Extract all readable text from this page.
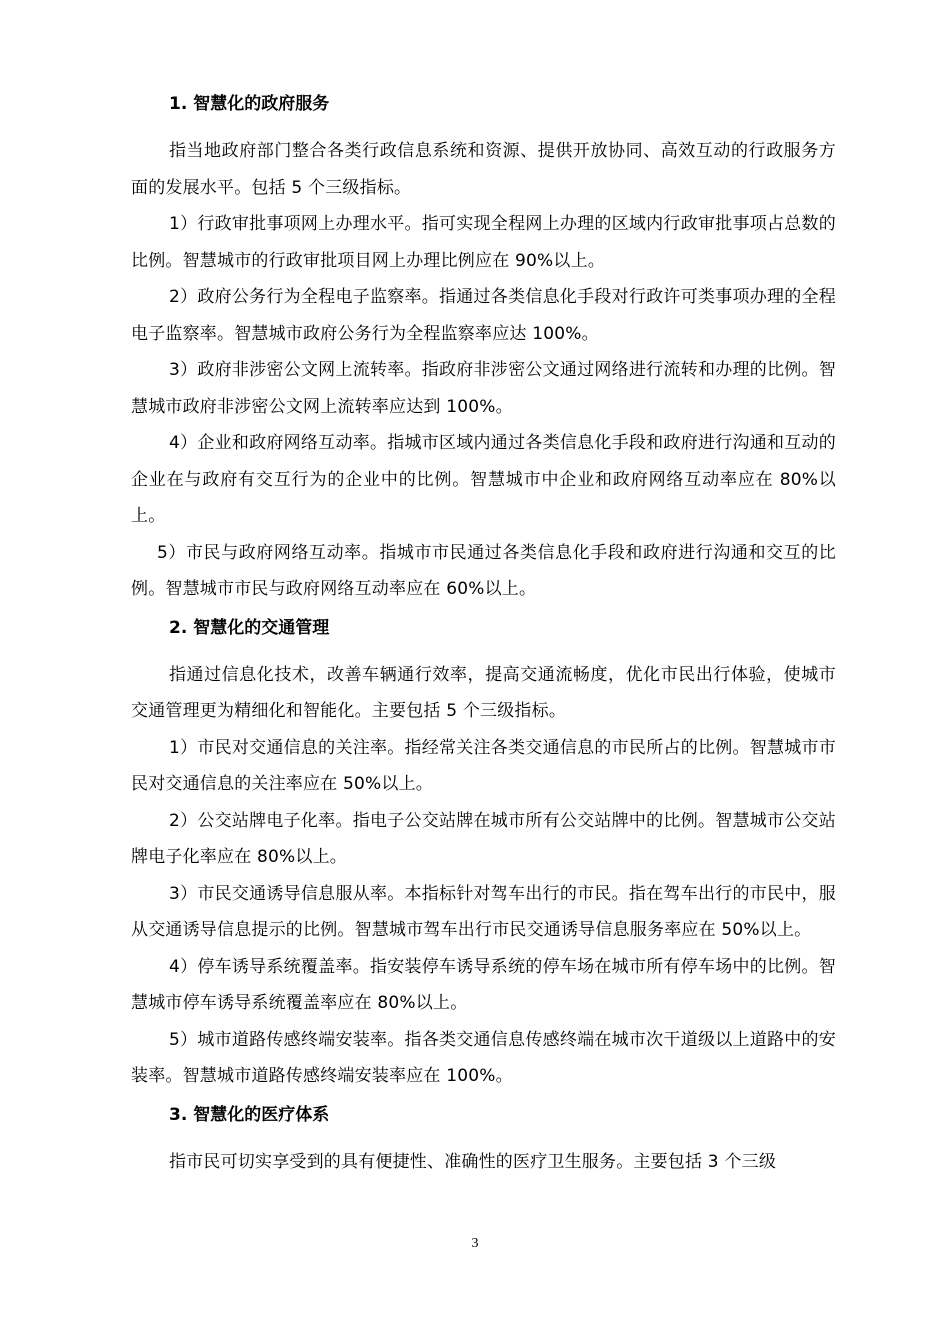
1. 智慧化的政府服务

指当地政府部门整合各类行政信息系统和资源、提供开放协同、高效互动的行政服务方面的发展水平。包括 5 个三级指标。

1）行政审批事项网上办理水平。指可实现全程网上办理的区域内行政审批事项占总数的比例。智慧城市的行政审批项目网上办理比例应在 90%以上。

2）政府公务行为全程电子监察率。指通过各类信息化手段对行政许可类事项办理的全程电子监察率。智慧城市政府公务行为全程监察率应达 100%。

3）政府非涉密公文网上流转率。指政府非涉密公文通过网络进行流转和办理的比例。智慧城市政府非涉密公文网上流转率应达到 100%。

4）企业和政府网络互动率。指城市区域内通过各类信息化手段和政府进行沟通和互动的企业在与政府有交互行为的企业中的比例。智慧城市中企业和政府网络互动率应在 80%以上。

5）市民与政府网络互动率。指城市市民通过各类信息化手段和政府进行沟通和交互的比例。智慧城市市民与政府网络互动率应在 60%以上。

2. 智慧化的交通管理

指通过信息化技术，改善车辆通行效率，提高交通流畅度，优化市民出行体验，使城市交通管理更为精细化和智能化。主要包括 5 个三级指标。

1）市民对交通信息的关注率。指经常关注各类交通信息的市民所占的比例。智慧城市市民对交通信息的关注率应在 50%以上。

2）公交站牌电子化率。指电子公交站牌在城市所有公交站牌中的比例。智慧城市公交站牌电子化率应在 80%以上。

3）市民交通诱导信息服从率。本指标针对驾车出行的市民。指在驾车出行的市民中，服从交通诱导信息提示的比例。智慧城市驾车出行市民交通诱导信息服务率应在 50%以上。

4）停车诱导系统覆盖率。指安装停车诱导系统的停车场在城市所有停车场中的比例。智慧城市停车诱导系统覆盖率应在 80%以上。

5）城市道路传感终端安装率。指各类交通信息传感终端在城市次干道级以上道路中的安装率。智慧城市道路传感终端安装率应在 100%。

3. 智慧化的医疗体系

指市民可切实享受到的具有便捷性、准确性的医疗卫生服务。主要包括 3 个三级

3
